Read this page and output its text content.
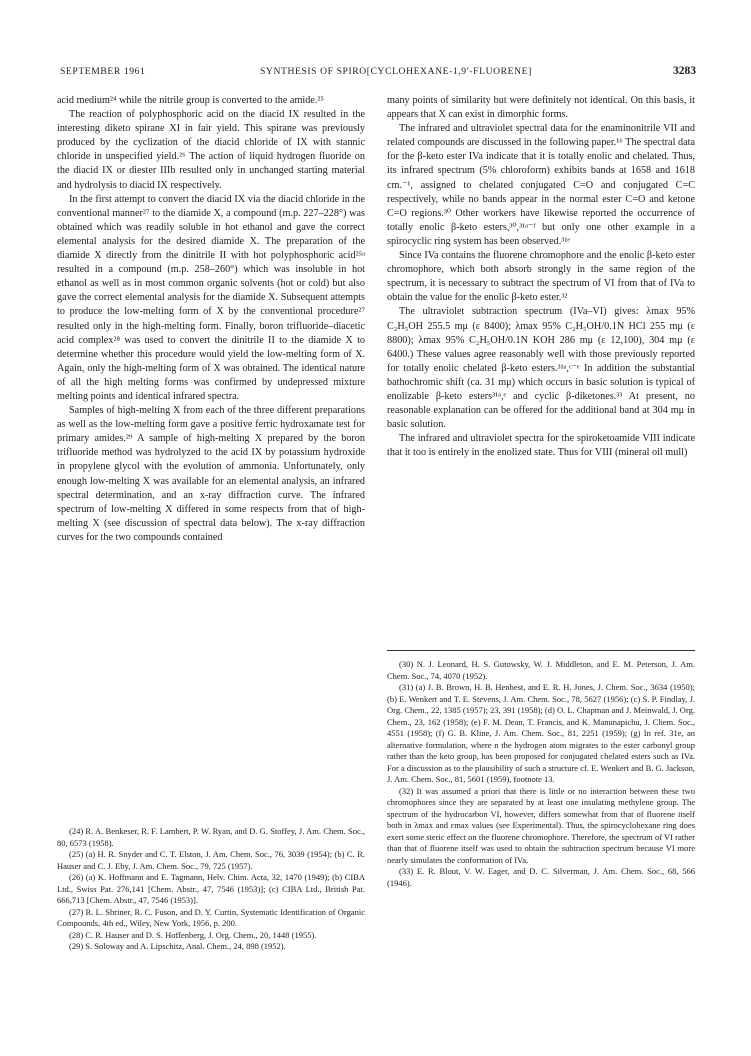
SEPTEMBER 1961	SYNTHESIS OF SPIRO[CYCLOHEXANE-1,9′-FLUORENE]	3283

acid medium²⁴ while the nitrile group is converted to the amide.²⁵

The reaction of polyphosphoric acid on the diacid IX resulted in the interesting diketo spirane XI in fair yield. This spirane was previously produced by the cyclization of the diacid chloride of IX with stannic chloride in unspecified yield.²⁶ The action of liquid hydrogen fluoride on the diacid IX or diester IIIb resulted only in unchanged starting material and hydrolysis to diacid IX respectively.

In the first attempt to convert the diacid IX via the diacid chloride in the conventional manner²⁷ to the diamide X, a compound (m.p. 227–228°) was obtained which was readily soluble in hot ethanol and gave the correct elemental analysis for the desired diamide X. The preparation of the diamide X directly from the dinitrile II with hot polyphosphoric acid²⁵ᵃ resulted in a compound (m.p. 258–260°) which was insoluble in hot ethanol as well as in most common organic solvents (hot or cold) but also gave the correct elemental analysis for the diamide X. Subsequent attempts to produce the low-melting form of X by the conventional procedure²⁷ resulted only in the high-melting form. Finally, boron trifluoride–diacetic acid complex²⁸ was used to convert the dinitrile II to the diamide X to determine whether this procedure would yield the low-melting form of X. Again, only the high-melting form of X was obtained. The identical nature of all the high melting forms was confirmed by undepressed mixture melting points and identical infrared spectra.

Samples of high-melting X from each of the three different preparations as well as the low-melting form gave a positive ferric hydroxamate test for primary amides.²⁹ A sample of high-melting X prepared by the boron trifluoride method was hydrolyzed to the acid IX by potassium hydroxide in propylene glycol with the evolution of ammonia. Unfortunately, only enough low-melting X was available for an elemental analysis, an infrared spectral determination, and an x-ray diffraction curve. The infrared spectrum of low-melting X differed in some respects from that of high-melting X (see discussion of spectral data below). The x-ray diffraction curves for the two compounds contained

many points of similarity but were definitely not identical. On this basis, it appears that X can exist in dimorphic forms.

The infrared and ultraviolet spectral data for the enaminonitrile VII and related compounds are discussed in the following paper.¹⁶ The spectral data for the β-keto ester IVa indicate that it is totally enolic and chelated. Thus, its infrared spectrum (5% chloroform) exhibits bands at 1658 and 1618 cm.⁻¹, assigned to chelated conjugated C=O and conjugated C=C respectively, while no bands appear in the normal ester C=O and ketone C=O regions.³⁰ Other workers have likewise reported the occurrence of totally enolic β-keto esters,³⁰,³¹ᵃ⁻ᶠ but only one other example in a spirocyclic ring system has been observed.³¹ᵉ

Since IVa contains the fluorene chromophore and the enolic β-keto ester chromophore, which both absorb strongly in the same region of the spectrum, it is necessary to subtract the spectrum of VI from that of IVa to obtain the value for the enolic β-keto ester.³²

The ultraviolet subtraction spectrum (IVa–VI) gives: λmax 95% C₂H₅OH 255.5 mμ (ε 8400); λmax 95% C₂H₅OH/0.1N HCl 255 mμ (ε 8800); λmax 95% C₂H₅OH/0.1N KOH 286 mμ (ε 12,100), 304 mμ (ε 6400.) These values agree reasonably well with those previously reported for totally enolic chelated β-keto esters.³¹ᵃ,ᶜ⁻ᵉ In addition the substantial bathochromic shift (ca. 31 mμ) which occurs in basic solution is typical of enolizable β-keto esters³¹ᵃ,ᵉ and cyclic β-diketones.³³ At present, no reasonable explanation can be offered for the additional band at 304 mμ in basic solution.

The infrared and ultraviolet spectra for the spiroketoamide VIII indicate that it too is entirely in the enolized state. Thus for VIII (mineral oil mull)

(24) R. A. Benkeser, R. F. Lambert, P. W. Ryan, and D. G. Stoffey, J. Am. Chem. Soc., 80, 6573 (1958).

(25) (a) H. R. Snyder and C. T. Elston, J. Am. Chem. Soc., 76, 3039 (1954); (b) C. R. Hauser and C. J. Eby, J. Am. Chem. Soc., 79, 725 (1957).

(26) (a) K. Hoffmann and E. Tagmann, Helv. Chim. Acta, 32, 1470 (1949); (b) CIBA Ltd., Swiss Pat. 276,141 [Chem. Abstr., 47, 7546 (1953)]; (c) CIBA Ltd., British Pat. 666,713 [Chem. Abstr., 47, 7546 (1953)].

(27) R. L. Shriner, R. C. Fuson, and D. Y. Curtin, Systematic Identification of Organic Compounds, 4th ed., Wiley, New York, 1956, p. 200.

(28) C. R. Hauser and D. S. Hoffenberg, J. Org. Chem., 20, 1448 (1955).

(29) S. Soloway and A. Lipschitz, Anal. Chem., 24, 898 (1952).

(30) N. J. Leonard, H. S. Gutowsky, W. J. Middleton, and E. M. Peterson, J. Am. Chem. Soc., 74, 4070 (1952).

(31) (a) J. B. Brown, H. B. Henbest, and E. R. H. Jones, J. Chem. Soc., 3634 (1950); (b) E. Wenkert and T. E. Stevens, J. Am. Chem. Soc., 78, 5627 (1956); (c) S. P. Findlay, J. Org. Chem., 22, 1385 (1957); 23, 391 (1958); (d) O. L. Chapman and J. Meinwald, J. Org. Chem., 23, 162 (1958); (e) F. M. Dean, T. Francis, and K. Manunapichu, J. Chem. Soc., 4551 (1958); (f) G. B. Kline, J. Am. Chem. Soc., 81, 2251 (1959); (g) In ref. 31e, an alternative formulation, where n the hydrogen atom migrates to the ester carbonyl group rather than the keto group, has been proposed for conjugated chelated esters such as IVa. For a discussion as to the plausibility of such a structure cf. E. Wenkert and B. G. Jackson, J. Am. Chem. Soc., 81, 5601 (1959), footnote 13.

(32) It was assumed a priori that there is little or no interaction between these two chromophores since they are separated by at least one insulating methylene group. The spectrum of the hydrocarbon VI, however, differs somewhat from that of fluorene itself both in λmax and εmax values (see Experimental). Thus, the spirocyclohexane ring does exert some steric effect on the fluorene chromophore. Therefore, the spectrum of VI rather than that of fluorene itself was used to obtain the subtraction spectrum because VI more nearly simulates the conformation of IVa.

(33) E. R. Blout, V. W. Eager, and D. C. Silverman, J. Am. Chem. Soc., 68, 566 (1946).
